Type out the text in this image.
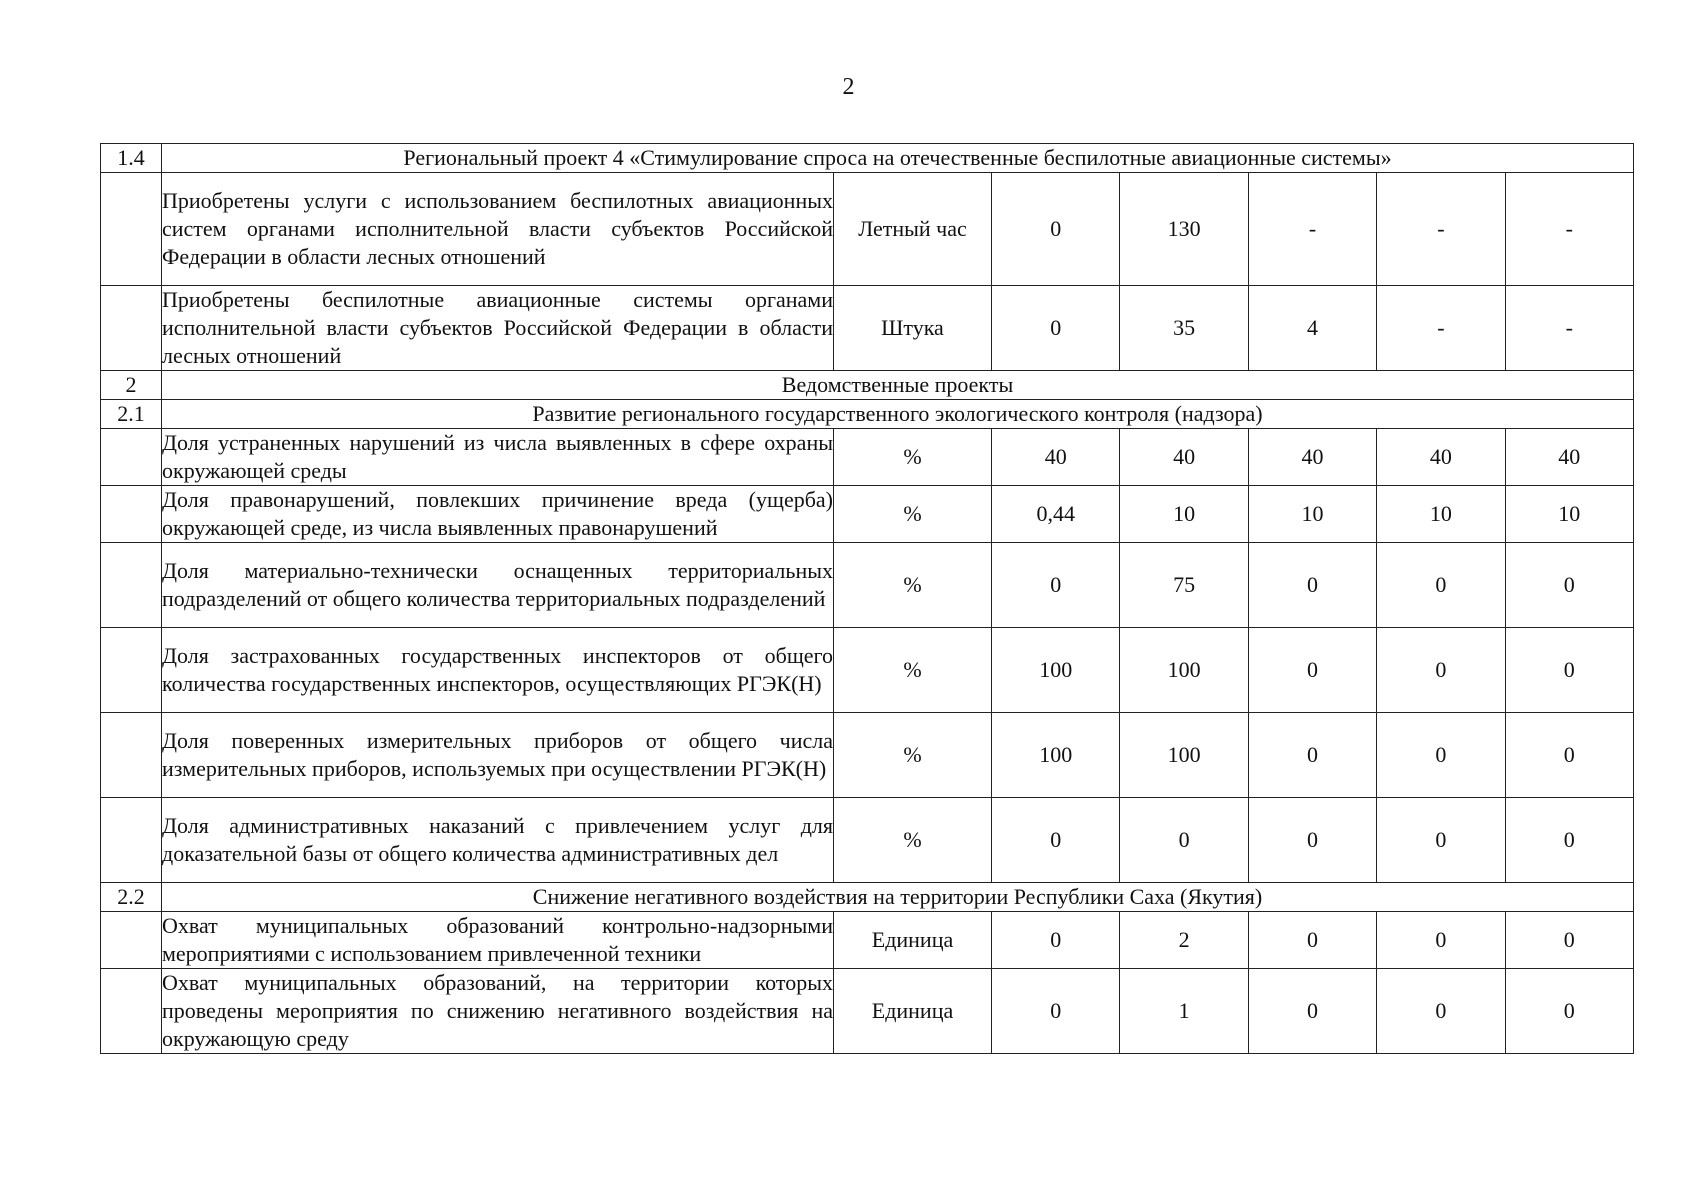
2
1.4	Региональный проект 4 «Стимулирование спроса на отечественные беспилотные авиационные системы»						
	Приобретены услуги с использованием беспилотных авиационных систем органами исполнительной власти субъектов Российской Федерации в области лесных отношений	Летный час	0	130	-	-	-
	Приобретены беспилотные авиационные системы органами исполнительной власти субъектов Российской Федерации в области лесных отношений	Штука	0	35	4	-	-
2	Ведомственные проекты						
2.1	Развитие регионального государственного экологического контроля (надзора)						
	Доля устраненных нарушений из числа выявленных в сфере охраны окружающей среды	%	40	40	40	40	40
	Доля правонарушений, повлекших причинение вреда (ущерба) окружающей среде, из числа выявленных правонарушений	%	0,44	10	10	10	10
	Доля материально-технически оснащенных территориальных подразделений от общего количества территориальных подразделений	%	0	75	0	0	0
	Доля застрахованных государственных инспекторов от общего количества государственных инспекторов, осуществляющих РГЭК(Н)	%	100	100	0	0	0
	Доля поверенных измерительных приборов от общего числа измерительных приборов, используемых при осуществлении РГЭК(Н)	%	100	100	0	0	0
	Доля административных наказаний с привлечением услуг для доказательной базы от общего количества административных дел	%	0	0	0	0	0
2.2	Снижение негативного воздействия на территории Республики Саха (Якутия)						
	Охват муниципальных образований контрольно-надзорными мероприятиями с использованием привлеченной техники	Единица	0	2	0	0	0
	Охват муниципальных образований, на территории которых проведены мероприятия по снижению негативного воздействия на окружающую среду	Единица	0	1	0	0	0
